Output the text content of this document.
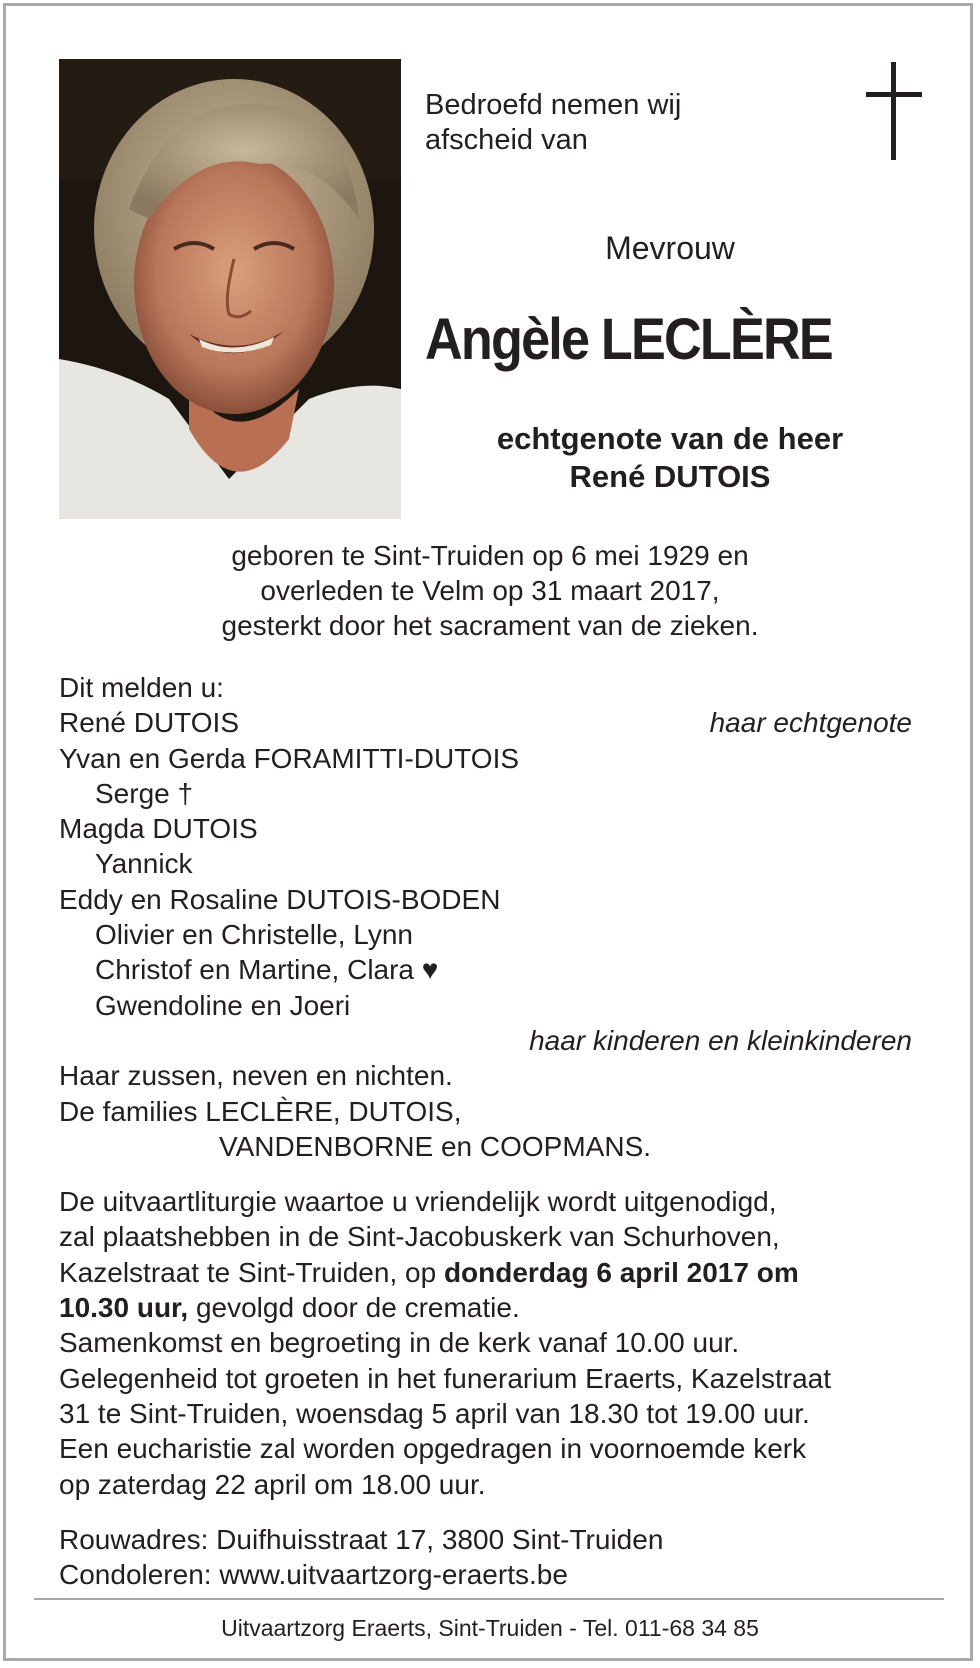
Bedroefd nemen wij
afscheid van
Mevrouw
Angèle LECLÈRE
echtgenote van de heer
René DUTOIS
geboren te Sint-Truiden op 6 mei 1929 en
overleden te Velm op 31 maart 2017,
gesterkt door het sacrament van de zieken.
Dit melden u:
René DUTOIS	haar echtgenote
Yvan en Gerda FORAMITTI-DUTOIS
Serge †
Magda DUTOIS
Yannick
Eddy en Rosaline DUTOIS-BODEN
Olivier en Christelle, Lynn
Christof en Martine, Clara ♥
Gwendoline en Joeri
haar kinderen en kleinkinderen
Haar zussen, neven en nichten.
De families LECLÈRE, DUTOIS,
VANDENBORNE en COOPMANS.
De uitvaartliturgie waartoe u vriendelijk wordt uitgenodigd,
zal plaatshebben in de Sint-Jacobuskerk van Schurhoven,
Kazelstraat te Sint-Truiden, op donderdag 6 april 2017 om
10.30 uur, gevolgd door de crematie.
Samenkomst en begroeting in de kerk vanaf 10.00 uur.
Gelegenheid tot groeten in het funerarium Eraerts, Kazelstraat
31 te Sint-Truiden, woensdag 5 april van 18.30 tot 19.00 uur.
Een eucharistie zal worden opgedragen in voornoemde kerk
op zaterdag 22 april om 18.00 uur.
Rouwadres: Duifhuisstraat 17, 3800 Sint-Truiden
Condoleren: www.uitvaartzorg-eraerts.be
Uitvaartzorg Eraerts, Sint-Truiden - Tel. 011-68 34 85
